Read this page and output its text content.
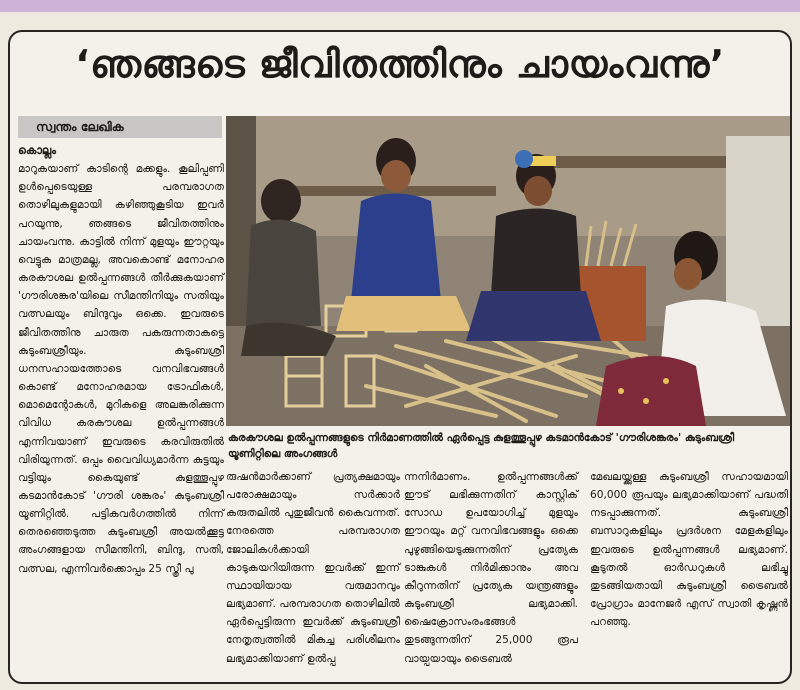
‘ഞങ്ങടെ ജീവിതത്തിനും ചായംവന്നു’
സ്വന്തം ലേഖിക
കൊല്ലം

മാറുകയാണ് കാടിന്റെ മക്കളും. കൂലിപ്പണി ഉൾപ്പെടെയുള്ള പരമ്പരാഗത തൊഴിലുകളുമായി കഴിഞ്ഞുകൂടിയ ഇവർ പറയുന്നു, ഞങ്ങടെ ജീവിതത്തിനും ചായംവന്നു. കാട്ടിൽ നിന്ന് മുളയും ഈറ്റയും വെട്ടുക മാത്രമല്ല, അവകൊണ്ട് മനോഹര കരകൗശല ഉൽപ്പന്നങ്ങൾ തീർക്കുകയാണ് 'ഗൗരിശങ്കര'യിലെ സീമന്തിനിയും സതിയും വത്സലയും ബിന്ദുവും ഒക്കെ. ഇവരുടെ ജീവിതത്തിനു ചാരുത പകരുന്നതാകട്ടെ കുടുംബശ്രീയും. കുടുംബശ്രീ ധനസഹായത്തോടെ വനവിഭവങ്ങൾ കൊണ്ട് മനോഹരമായ ട്രോഫികൾ, മൊമെന്റോകൾ, മുറികളെ അലങ്കരിക്കുന്ന വിവിധ കരകൗശല ഉൽപ്പന്നങ്ങൾ എന്നിവയാണ് ഇവരുടെ കരവിരുതിൽ വിരിയുന്നത്. ഒപ്പം വൈവിധ്യമാർന്ന കുട്ടയും വട്ടിയും കൈയുണ്ട് കുളത്തൂപ്പുഴ കടമാൻകോട് 'ഗൗരി ശങ്കരം' കുടുംബശ്രീ യൂണിറ്റിൽ. പട്ടികവർഗത്തിൽ നിന്ന് തെരഞ്ഞെടുത്ത കുടുംബശ്രീ അയൽക്കൂട്ട അംഗങ്ങളായ സീമന്തിനി, ബിന്ദു, സതി, വത്സല, എന്നിവർക്കൊപ്പം 25 സ്ത്രീ പു

കരകൗശല ഉൽപ്പന്നങ്ങളുടെ നിർമാണത്തിൽ ഏർപ്പെട്ട കുളത്തൂപ്പുഴ കടമാൻകോട് 'ഗൗരിശങ്കരം' കുടുംബശ്രീ യൂണിറ്റിലെ അംഗങ്ങൾ

രുഷൻമാർക്കാണ് പ്രത്യക്ഷമായും പരോക്ഷമായും സർക്കാർ കരുതലിൽ പുതുജീവൻ കൈവന്നത്. നേരത്തെ പരമ്പരാഗത ജോലികൾക്കായി കാടുകയറിയിരുന്ന ഇവർക്ക് ഇന്ന് സ്ഥായിയായ വരുമാനവും ലഭ്യമാണ്. പരമ്പരാഗത തൊഴിലിൽ ഏർപ്പെട്ടിരുന്ന ഇവർക്ക് കുടുംബശ്രീ നേതൃത്വത്തിൽ മികച്ച പരിശീലനം ലഭ്യമാക്കിയാണ് ഉൽപ്പ

ന്നനിർമാണം. ഉൽപ്പന്നങ്ങൾക്ക് ഈട് ലഭിക്കുന്നതിന് കാസ്റ്റിക് സോഡ ഉപയോഗിച്ച് മുളയും ഈറയും മറ്റ് വനവിഭവങ്ങളും ഒക്കെ പുഴുങ്ങിയെടുക്കുന്നതിന് പ്രത്യേക ടാങ്കുകൾ നിർമിക്കാനും അവ കീറുന്നതിന് പ്രത്യേക യന്ത്രങ്ങളും കുടുംബശ്രീ ലഭ്യമാക്കി. ഷൈക്രോസംരംഭങ്ങൾ തുടങ്ങുന്നതിന് 25,000 രൂപ വായ്പയായും ട്രൈബൽ

മേഖലയ്ക്കുള്ള കുടുംബശ്രീ സഹായമായി 60,000 രൂപയും ലഭ്യമാക്കിയാണ് പദ്ധതി നടപ്പാക്കുന്നത്. കുടുംബശ്രീ ബസാറുകളിലും പ്രദർശന മേളകളിലും ഇവരുടെ ഉൽപ്പന്നങ്ങൾ ലഭ്യമാണ്. കൂടുതൽ ഓർഡറുകൾ ലഭിച്ചു തുടങ്ങിയതായി കുടുംബശ്രീ ട്രൈബൽ പ്രോഗ്രാം മാനേജർ എസ് സ്വാതി കൃഷ്ണൻ പറഞ്ഞു.
